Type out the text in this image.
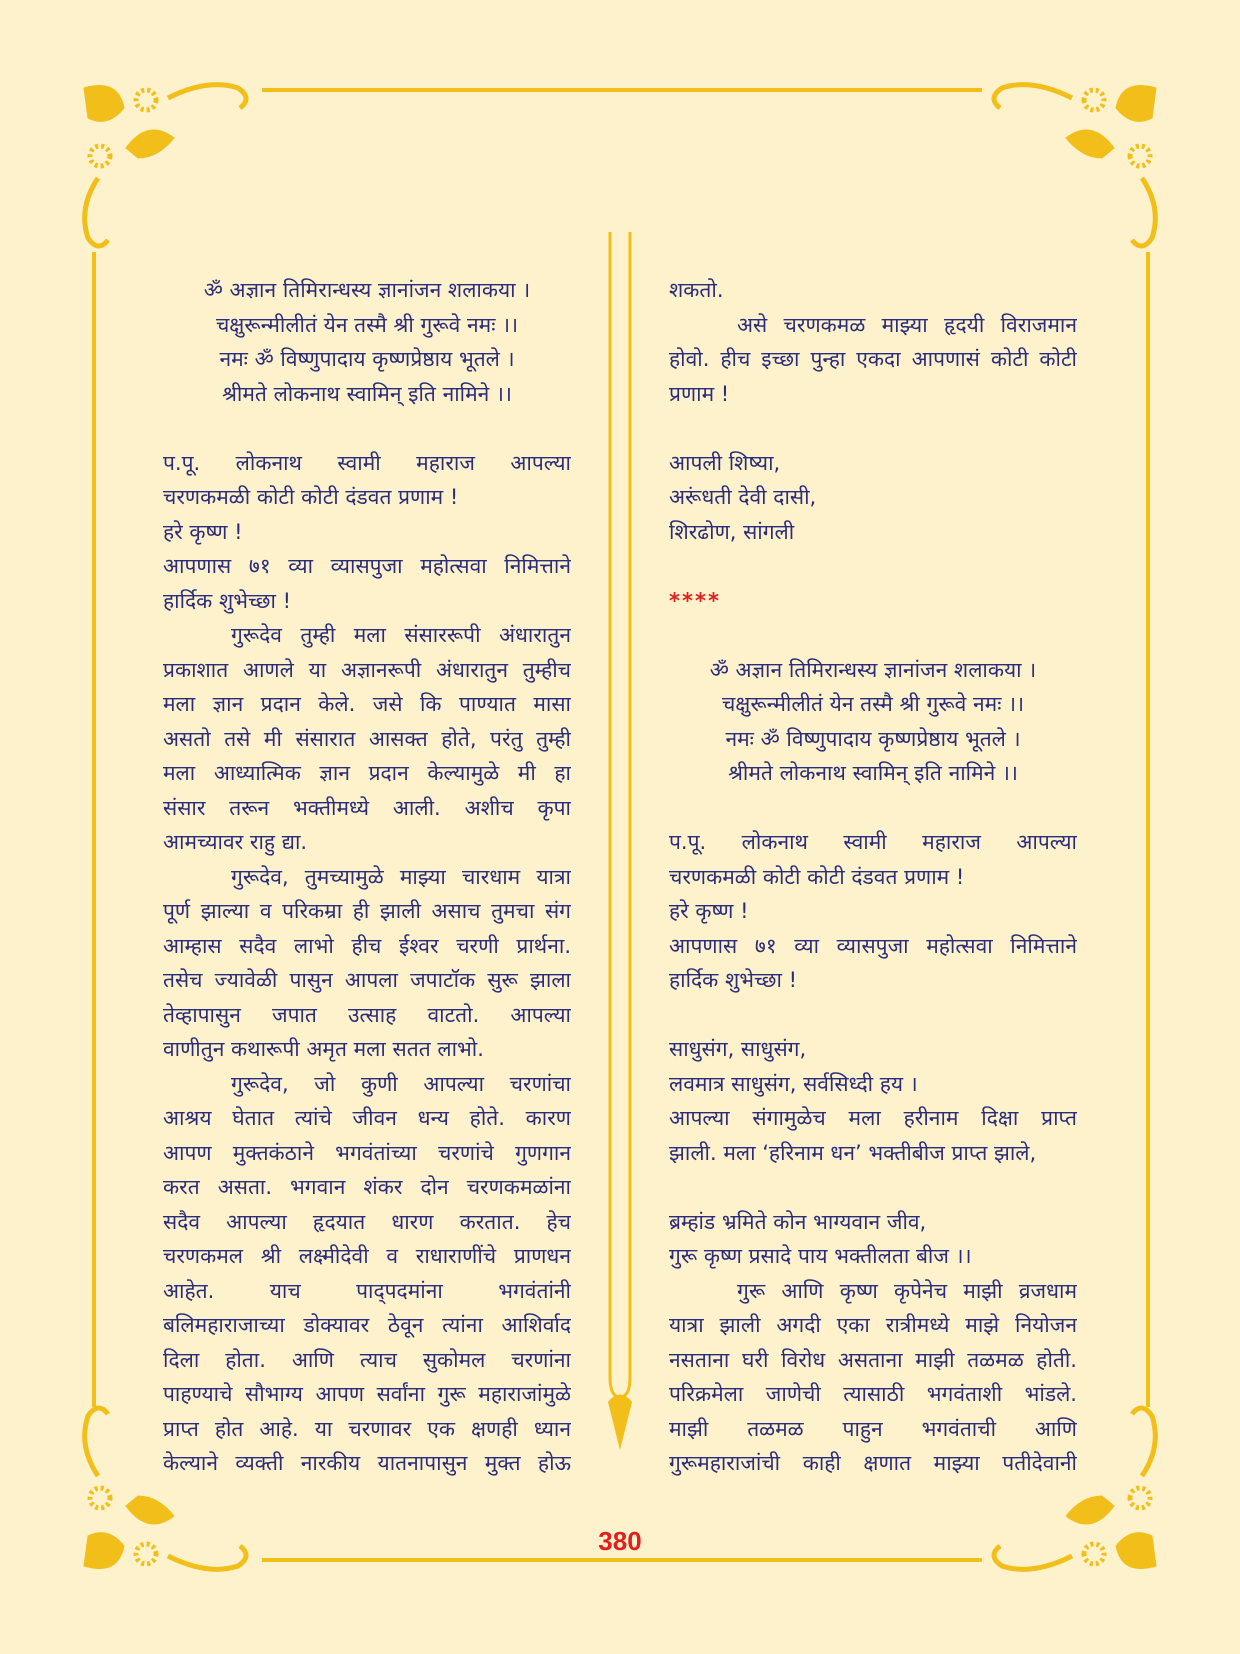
ॐ अज्ञान तिमिरान्धस्य ज्ञानांजन शलाकया ।
चक्षुरून्मीलीतं येन तस्मै श्री गुरूवे नमः ।।
नमः ॐ विष्णुपादाय कृष्णप्रेष्ठाय भूतले ।
श्रीमते लोकनाथ स्वामिन् इति नामिने ।।
प.पू. लोकनाथ स्वामी महाराज आपल्या
चरणकमळी कोटी कोटी दंडवत प्रणाम !
हरे कृष्ण !
आपणास ७१ व्या व्यासपुजा महोत्सवा निमित्ताने
हार्दिक शुभेच्छा !
गुरूदेव तुम्ही मला संसाररूपी अंधारातुन
प्रकाशात आणले या अज्ञानरूपी अंधारातुन तुम्हीच
मला ज्ञान प्रदान केले. जसे कि पाण्यात मासा
असतो तसे मी संसारात आसक्त होते, परंतु तुम्ही
मला आध्यात्मिक ज्ञान प्रदान केल्यामुळे मी हा
संसार तरून भक्तीमध्ये आली. अशीच कृपा
आमच्यावर राहु द्या.
गुरूदेव, तुमच्यामुळे माझ्या चारधाम यात्रा
पूर्ण झाल्या व परिकम्रा ही झाली असाच तुमचा संग
आम्हास सदैव लाभो हीच ईश्वर चरणी प्रार्थना.
तसेच ज्यावेळी पासुन आपला जपाटॉक सुरू झाला
तेव्हापासुन जपात उत्साह वाटतो. आपल्या
वाणीतुन कथारूपी अमृत मला सतत लाभो.
गुरूदेव, जो कुणी आपल्या चरणांचा
आश्रय घेतात त्यांचे जीवन धन्य होते. कारण
आपण मुक्तकंठाने भगवंतांच्या चरणांचे गुणगान
करत असता. भगवान शंकर दोन चरणकमळांना
सदैव आपल्या हृदयात धारण करतात. हेच
चरणकमल श्री लक्ष्मीदेवी व राधाराणींचे प्राणधन
आहेत. याच पाद्पदमांना भगवंतांनी
बलिमहाराजाच्या डोक्यावर ठेवून त्यांना आशिर्वाद
दिला होता. आणि त्याच सुकोमल चरणांना
पाहण्याचे सौभाग्य आपण सर्वांना गुरू महाराजांमुळे
प्राप्त होत आहे. या चरणावर एक क्षणही ध्यान
केल्याने व्यक्ती नारकीय यातनापासुन मुक्त होऊ
शकतो.
असे चरणकमळ माझ्या हृदयी विराजमान
होवो. हीच इच्छा पुन्हा एकदा आपणासं कोटी कोटी
प्रणाम !
आपली शिष्या,
अरूंधती देवी दासी,
शिरढोण, सांगली
****
ॐ अज्ञान तिमिरान्धस्य ज्ञानांजन शलाकया ।
चक्षुरून्मीलीतं येन तस्मै श्री गुरूवे नमः ।।
नमः ॐ विष्णुपादाय कृष्णप्रेष्ठाय भूतले ।
श्रीमते लोकनाथ स्वामिन् इति नामिने ।।
प.पू. लोकनाथ स्वामी महाराज आपल्या
चरणकमळी कोटी कोटी दंडवत प्रणाम !
हरे कृष्ण !
आपणास ७१ व्या व्यासपुजा महोत्सवा निमित्ताने
हार्दिक शुभेच्छा !
साधुसंग, साधुसंग,
लवमात्र साधुसंग, सर्वसिध्दी हय ।
आपल्या संगामुळेच मला हरीनाम दिक्षा प्राप्त
झाली. मला ‘हरिनाम धन’ भक्तीबीज प्राप्त झाले,
ब्रम्हांड भ्रमिते कोन भाग्यवान जीव,
गुरू कृष्ण प्रसादे पाय भक्तीलता बीज ।।
गुरू आणि कृष्ण कृपेनेच माझी व्रजधाम
यात्रा झाली अगदी एका रात्रीमध्ये माझे नियोजन
नसताना घरी विरोध असताना माझी तळमळ होती.
परिक्रमेला जाणेची त्यासाठी भगवंताशी भांडले.
माझी तळमळ पाहुन भगवंताची आणि
गुरूमहाराजांची काही क्षणात माझ्या पतीदेवानी
380
